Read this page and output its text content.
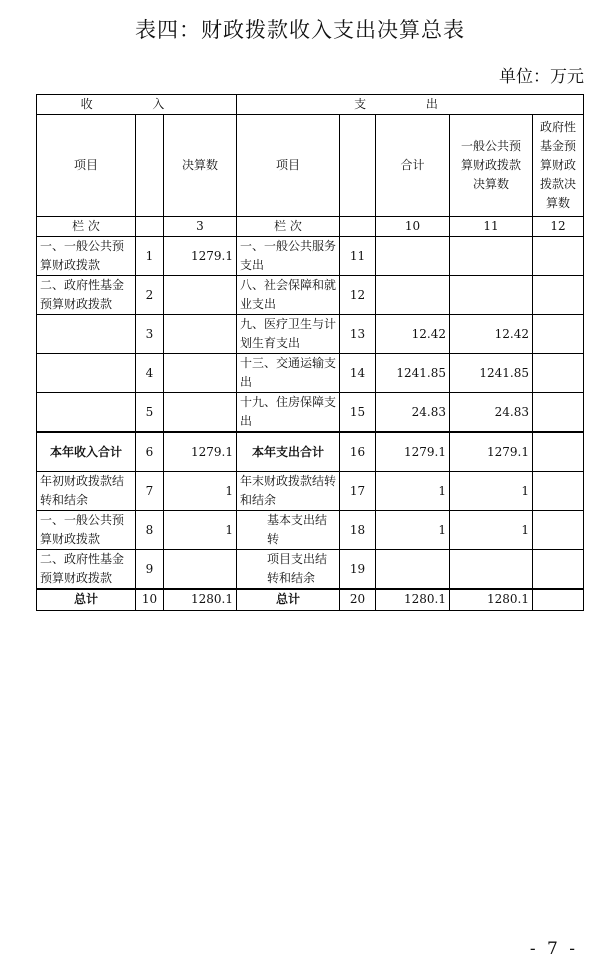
表四：财政拨款收入支出决算总表
单位：万元
收 入			支 出				
项目		决算数	项目		合计	一般公共预算财政拨款决算数	政府性基金预算财政拨款决算数
栏 次		3	栏 次		10	11	12
一、一般公共预算财政拨款	1	1279.1	一、一般公共服务支出	11			
二、政府性基金预算财政拨款	2		八、社会保障和就业支出	12			
	3		九、医疗卫生与计划生育支出	13	12.42	12.42	
	4		十三、交通运输支出	14	1241.85	1241.85	
	5		十九、住房保障支出	15	24.83	24.83	
本年收入合计	6	1279.1	本年支出合计	16	1279.1	1279.1	
年初财政拨款结转和结余	7	1	年末财政拨款结转和结余	17	1	1	
一、一般公共预算财政拨款	8	1	基本支出结转	18	1	1	
二、政府性基金预算财政拨款	9		项目支出结转和结余	19			
总计	10	1280.1	总计	20	1280.1	1280.1	
- 7 -
